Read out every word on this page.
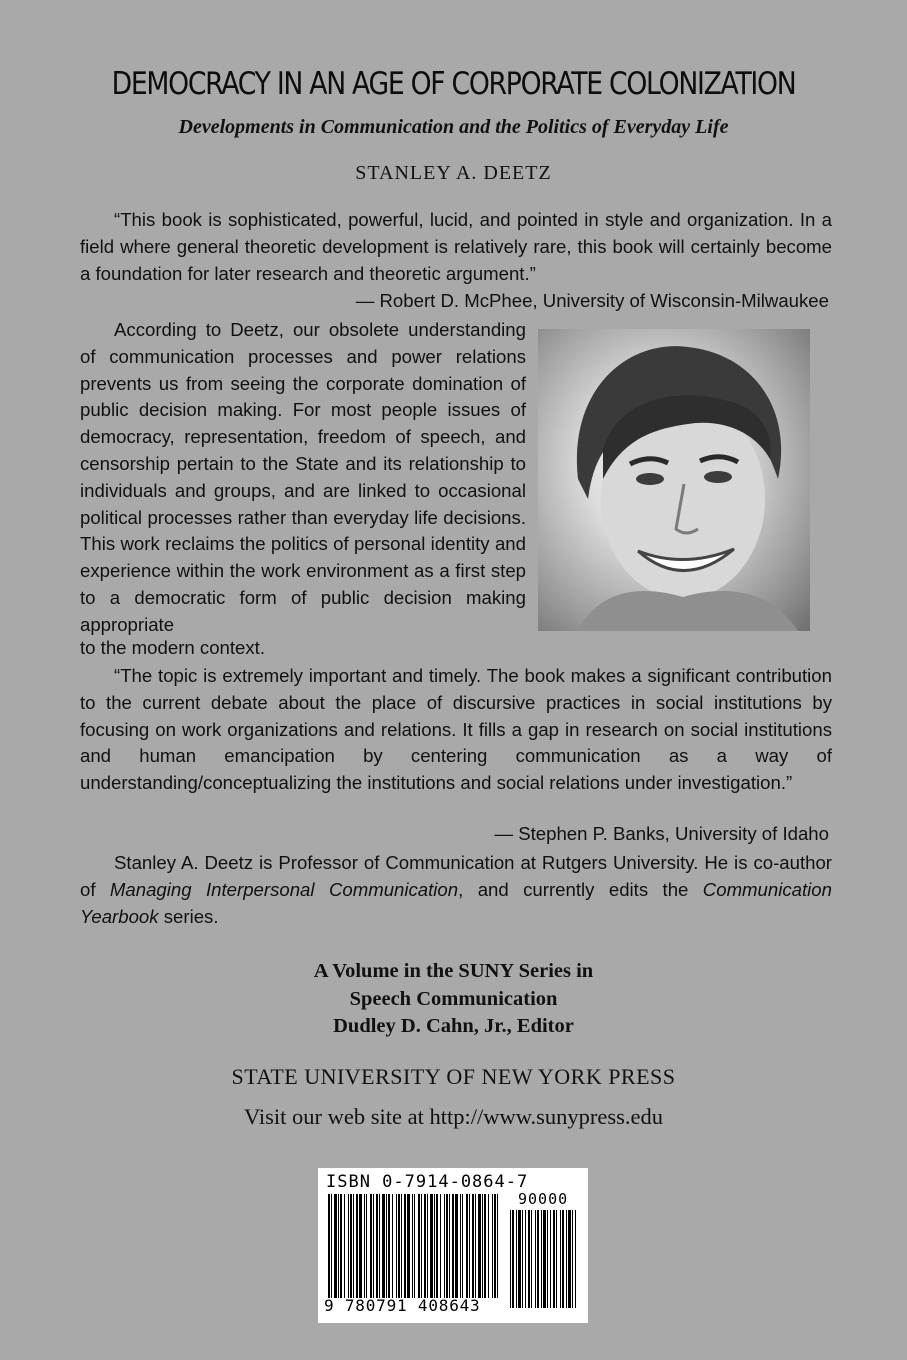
DEMOCRACY IN AN AGE OF CORPORATE COLONIZATION
Developments in Communication and the Politics of Everyday Life
STANLEY A. DEETZ

“This book is sophisticated, powerful, lucid, and pointed in style and organization. In a field where general theoretic development is relatively rare, this book will certainly become a foundation for later research and theoretic argument.”

— Robert D. McPhee, University of Wisconsin-Milwaukee

According to Deetz, our obsolete understanding of communication processes and power relations prevents us from seeing the corporate domination of public decision making. For most people issues of democracy, representation, freedom of speech, and censorship pertain to the State and its relationship to individuals and groups, and are linked to occasional political processes rather than everyday life decisions. This work reclaims the politics of personal identity and experience within the work environment as a first step to a democratic form of public decision making appropriate

to the modern context.

“The topic is extremely important and timely. The book makes a significant contribution to the current debate about the place of discursive practices in social institutions by focusing on work organizations and relations. It fills a gap in research on social institutions and human emancipation by centering communication as a way of understanding/conceptualizing the institutions and social relations under investigation.”

— Stephen P. Banks, University of Idaho

Stanley A. Deetz is Professor of Communication at Rutgers University. He is co-author of Managing Interpersonal Communication, and currently edits the Communication Yearbook series.

A Volume in the SUNY Series in
Speech Communication
Dudley D. Cahn, Jr., Editor
STATE UNIVERSITY OF NEW YORK PRESS
Visit our web site at http://www.sunypress.edu
ISBN 0-7914-0864-7
90000
9 780791 408643
